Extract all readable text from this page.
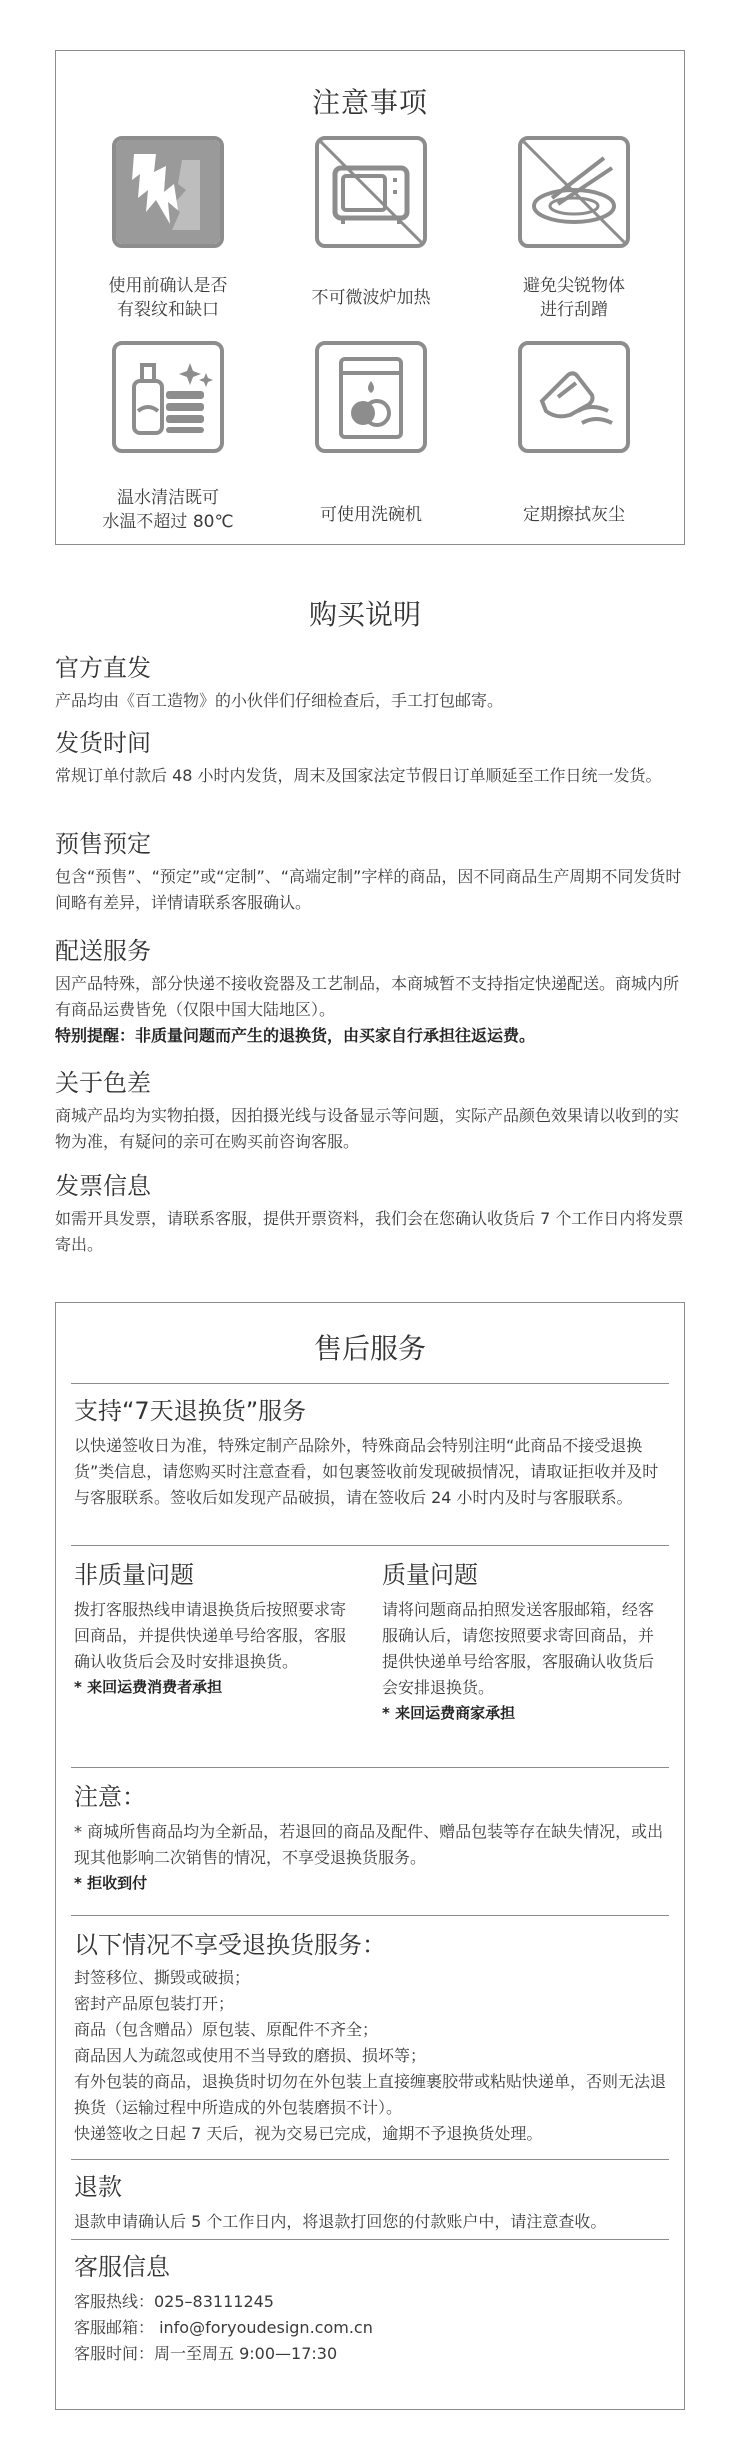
注意事项
使用前确认是否
有裂纹和缺口
不可微波炉加热
避免尖锐物体
进行刮蹭
温水清洁既可
水温不超过 80℃	可使用洗碗机	定期擦拭灰尘
购买说明
官方直发
产品均由《百工造物》的小伙伴们仔细检查后，手工打包邮寄。
发货时间
常规订单付款后 48 小时内发货，周末及国家法定节假日订单顺延至工作日统一发货。
预售预定
包含“预售”、“预定”或“定制”、“高端定制”字样的商品，因不同商品生产周期不同发货时间略有差异，详情请联系客服确认。
配送服务
因产品特殊，部分快递不接收瓷器及工艺制品，本商城暂不支持指定快递配送。商城内所有商品运费皆免（仅限中国大陆地区）。
特别提醒：非质量问题而产生的退换货，由买家自行承担往返运费。
关于色差
商城产品均为实物拍摄，因拍摄光线与设备显示等问题，实际产品颜色效果请以收到的实物为准，有疑问的亲可在购买前咨询客服。
发票信息
如需开具发票，请联系客服，提供开票资料，我们会在您确认收货后 7 个工作日内将发票寄出。
售后服务
支持“7天退换货”服务
以快递签收日为准，特殊定制产品除外，特殊商品会特别注明“此商品不接受退换货”类信息，请您购买时注意查看，如包裹签收前发现破损情况，请取证拒收并及时与客服联系。签收后如发现产品破损，请在签收后 24 小时内及时与客服联系。
非质量问题
拨打客服热线申请退换货后按照要求寄回商品，并提供快递单号给客服，客服确认收货后会及时安排退换货。
* 来回运费消费者承担
质量问题
请将问题商品拍照发送客服邮箱，经客服确认后，请您按照要求寄回商品，并提供快递单号给客服，客服确认收货后会安排退换货。
* 来回运费商家承担
注意：
* 商城所售商品均为全新品，若退回的商品及配件、赠品包装等存在缺失情况，或出现其他影响二次销售的情况，不享受退换货服务。
* 拒收到付
以下情况不享受退换货服务：
封签移位、撕毁或破损；
密封产品原包装打开；
商品（包含赠品）原包装、原配件不齐全；
商品因人为疏忽或使用不当导致的磨损、损坏等；
有外包装的商品，退换货时切勿在外包装上直接缠裹胶带或粘贴快递单，否则无法退换货（运输过程中所造成的外包装磨损不计）。
快递签收之日起 7 天后，视为交易已完成，逾期不予退换货处理。
退款
退款申请确认后 5 个工作日内，将退款打回您的付款账户中，请注意查收。
客服信息
客服热线：025–83111245
客服邮箱： info@foryoudesign.com.cn
客服时间：周一至周五 9:00—17:30
